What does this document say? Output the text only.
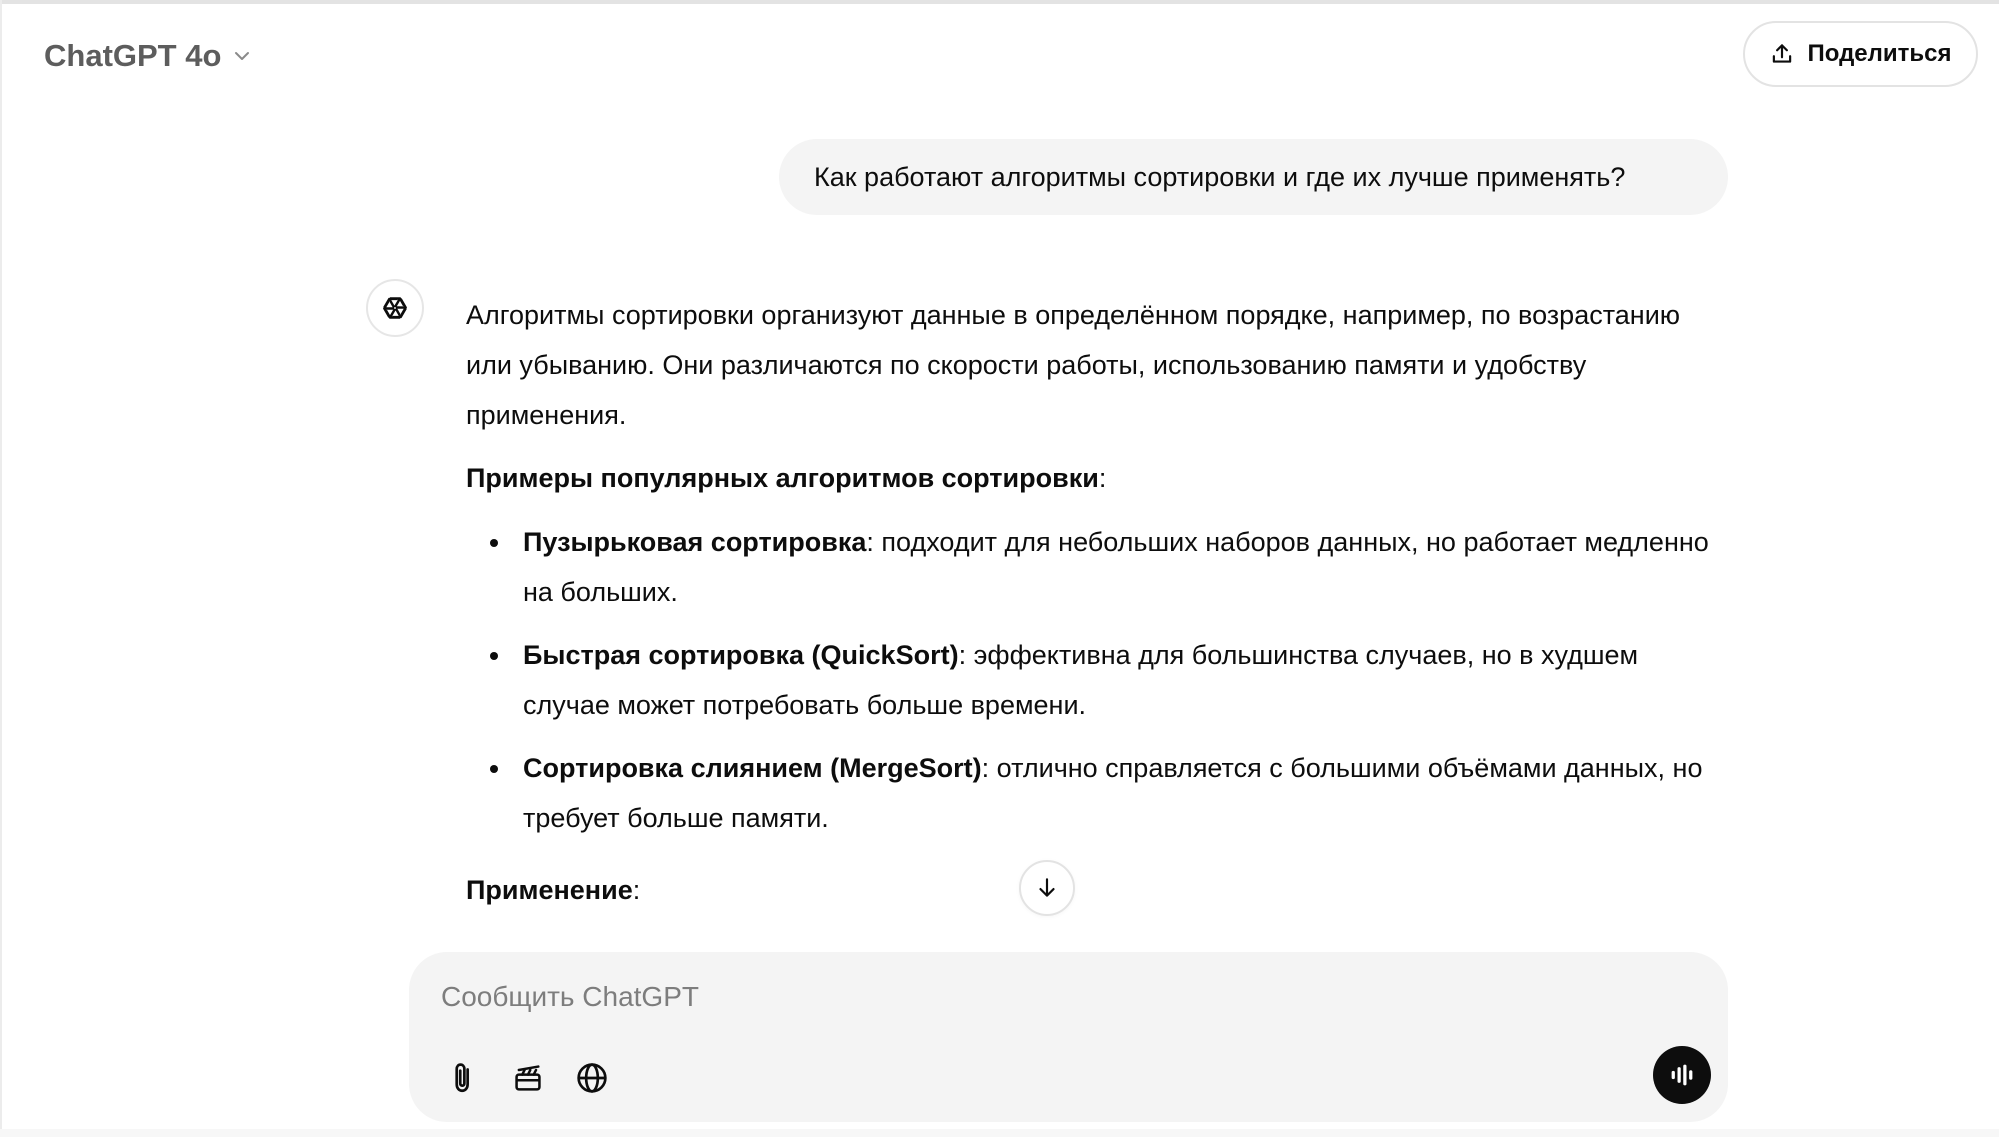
ChatGPT 4o	Поделиться
Как работают алгоритмы сортировки и где их лучше применять?

Алгоритмы сортировки организуют данные в определённом порядке, например, по возрастанию или убыванию. Они различаются по скорости работы, использованию памяти и удобству применения.

Примеры популярных алгоритмов сортировки:

Пузырьковая сортировка: подходит для небольших наборов данных, но работает медленно на больших.
Быстрая сортировка (QuickSort): эффективна для большинства случаев, но в худшем случае может потребовать больше времени.
Сортировка слиянием (MergeSort): отлично справляется с большими объёмами данных, но требует больше памяти.

Применение:

Сообщить ChatGPT
